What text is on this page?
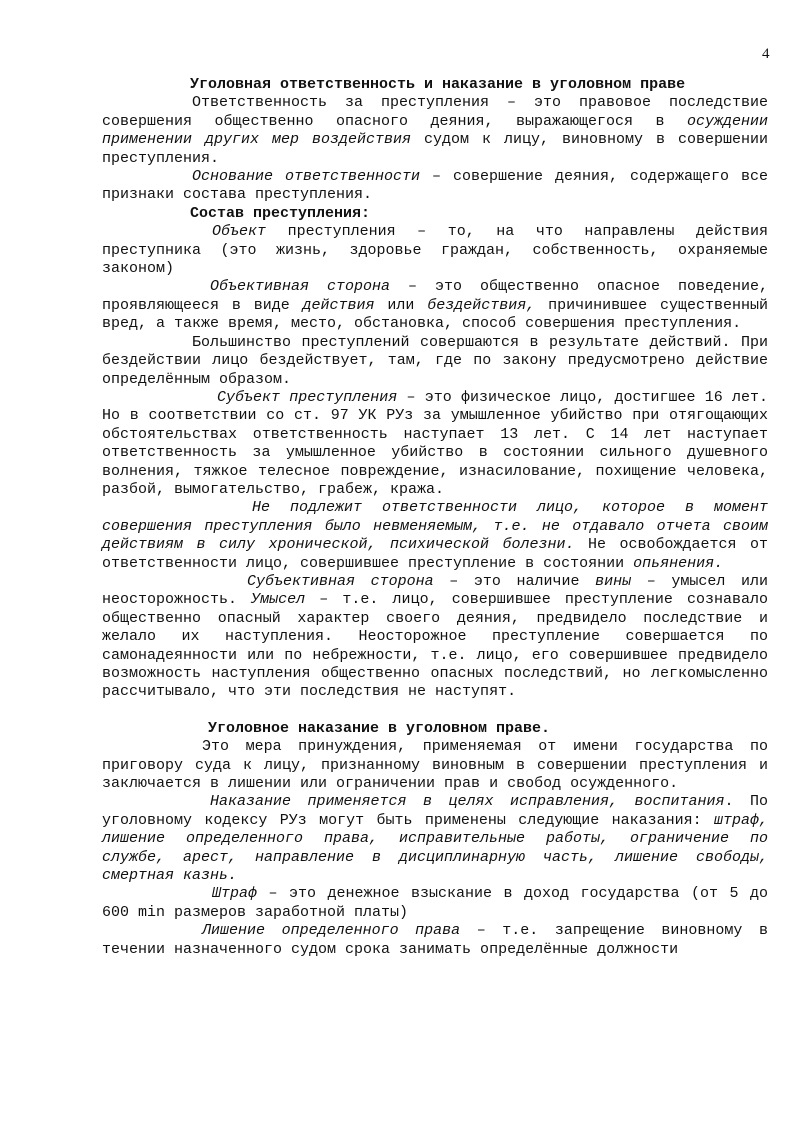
4

Уголовная ответственность и наказание в уголовном праве

Ответственность за преступления – это правовое последствие совершения общественно опасного деяния, выражающегося в осуждении применении других мер воздействия судом к лицу, виновному в совершении преступления.

Основание ответственности – совершение деяния, содержащего все признаки состава преступления.

Состав преступления:

Объект преступления – то, на что направлены действия преступника (это жизнь, здоровье граждан, собственность, охраняемые законом)

Объективная сторона – это общественно опасное поведение, проявляющееся в виде действия или бездействия, причинившее существенный вред, а также время, место, обстановка, способ совершения преступления.

Большинство преступлений совершаются в результате действий. При бездействии лицо бездействует, там, где по закону предусмотрено действие определённым образом.

Субъект преступления – это физическое лицо, достигшее 16 лет. Но в соответствии со ст. 97 УК РУз за умышленное убийство при отягощающих обстоятельствах ответственность наступает 13 лет. С 14 лет наступает ответственность за умышленное убийство в состоянии сильного душевного волнения, тяжкое телесное повреждение, изнасилование, похищение человека, разбой, вымогательство, грабеж, кража.

Не подлежит ответственности лицо, которое в момент совершения преступления было невменяемым, т.е. не отдавало отчета своим действиям в силу хронической, психической болезни. Не освобождается от ответственности лицо, совершившее преступление в состоянии опьянения.

Субъективная сторона – это наличие вины – умысел или неосторожность. Умысел – т.е. лицо, совершившее преступление сознавало общественно опасный характер своего деяния, предвидело последствие и желало их наступления. Неосторожное преступление совершается по самонадеянности или по небрежности, т.е. лицо, его совершившее предвидело возможность наступления общественно опасных последствий, но легкомысленно рассчитывало, что эти последствия не наступят.

Уголовное наказание в уголовном праве.

Это мера принуждения, применяемая от имени государства по приговору суда к лицу, признанному виновным в совершении преступления и заключается в лишении или ограничении прав и свобод осужденного.

Наказание применяется в целях исправления, воспитания. По уголовному кодексу РУз могут быть применены следующие наказания: штраф, лишение определенного права, исправительные работы, ограничение по службе, арест, направление в дисциплинарную часть, лишение свободы, смертная казнь.

Штраф – это денежное взыскание в доход государства (от 5 до 600 min размеров заработной платы)

Лишение определенного права – т.е. запрещение виновному в течении назначенного судом срока занимать определённые должности
